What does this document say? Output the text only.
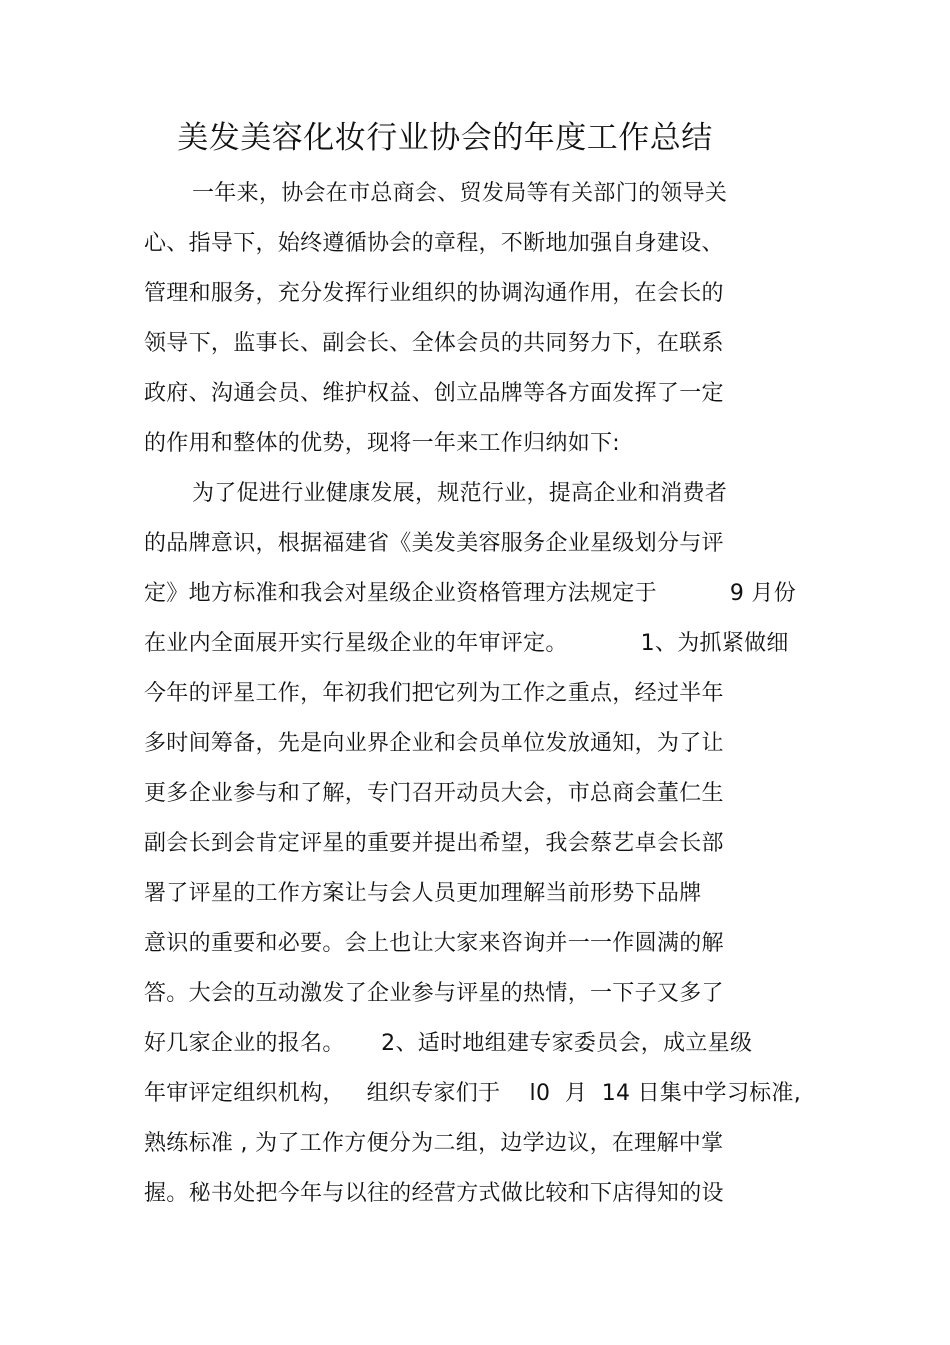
美发美容化妆行业协会的年度工作总结
一年来，协会在市总商会、贸发局等有关部门的领导关
心、指导下，始终遵循协会的章程，不断地加强自身建设、
管理和服务，充分发挥行业组织的协调沟通作用，在会长的
领导下，监事长、副会长、全体会员的共同努力下，在联系
政府、沟通会员、维护权益、创立品牌等各方面发挥了一定
的作用和整体的优势，现将一年来工作归纳如下:
为了促进行业健康发展，规范行业，提高企业和消费者
的品牌意识，根据福建省《美发美容服务企业星级划分与评
定》地方标准和我会对星级企业资格管理方法规定于          9 月份
在业内全面展开实行星级企业的年审评定。          1、为抓紧做细
今年的评星工作，年初我们把它列为工作之重点，经过半年
多时间筹备，先是向业界企业和会员单位发放通知，为了让
更多企业参与和了解，专门召开动员大会，市总商会董仁生
副会长到会肯定评星的重要并提出希望，我会蔡艺卓会长部
署了评星的工作方案让与会人员更加理解当前形势下品牌
意识的重要和必要。会上也让大家来咨询并一一作圆满的解
答。大会的互动激发了企业参与评星的热情，一下子又多了
好几家企业的报名。     2、适时地组建专家委员会，成立星级
年审评定组织机构，   组织专家们于    l0  月  14 日集中学习标准,
熟练标准 , 为了工作方便分为二组，边学边议，在理解中掌
握。秘书处把今年与以往的经营方式做比较和下店得知的设
